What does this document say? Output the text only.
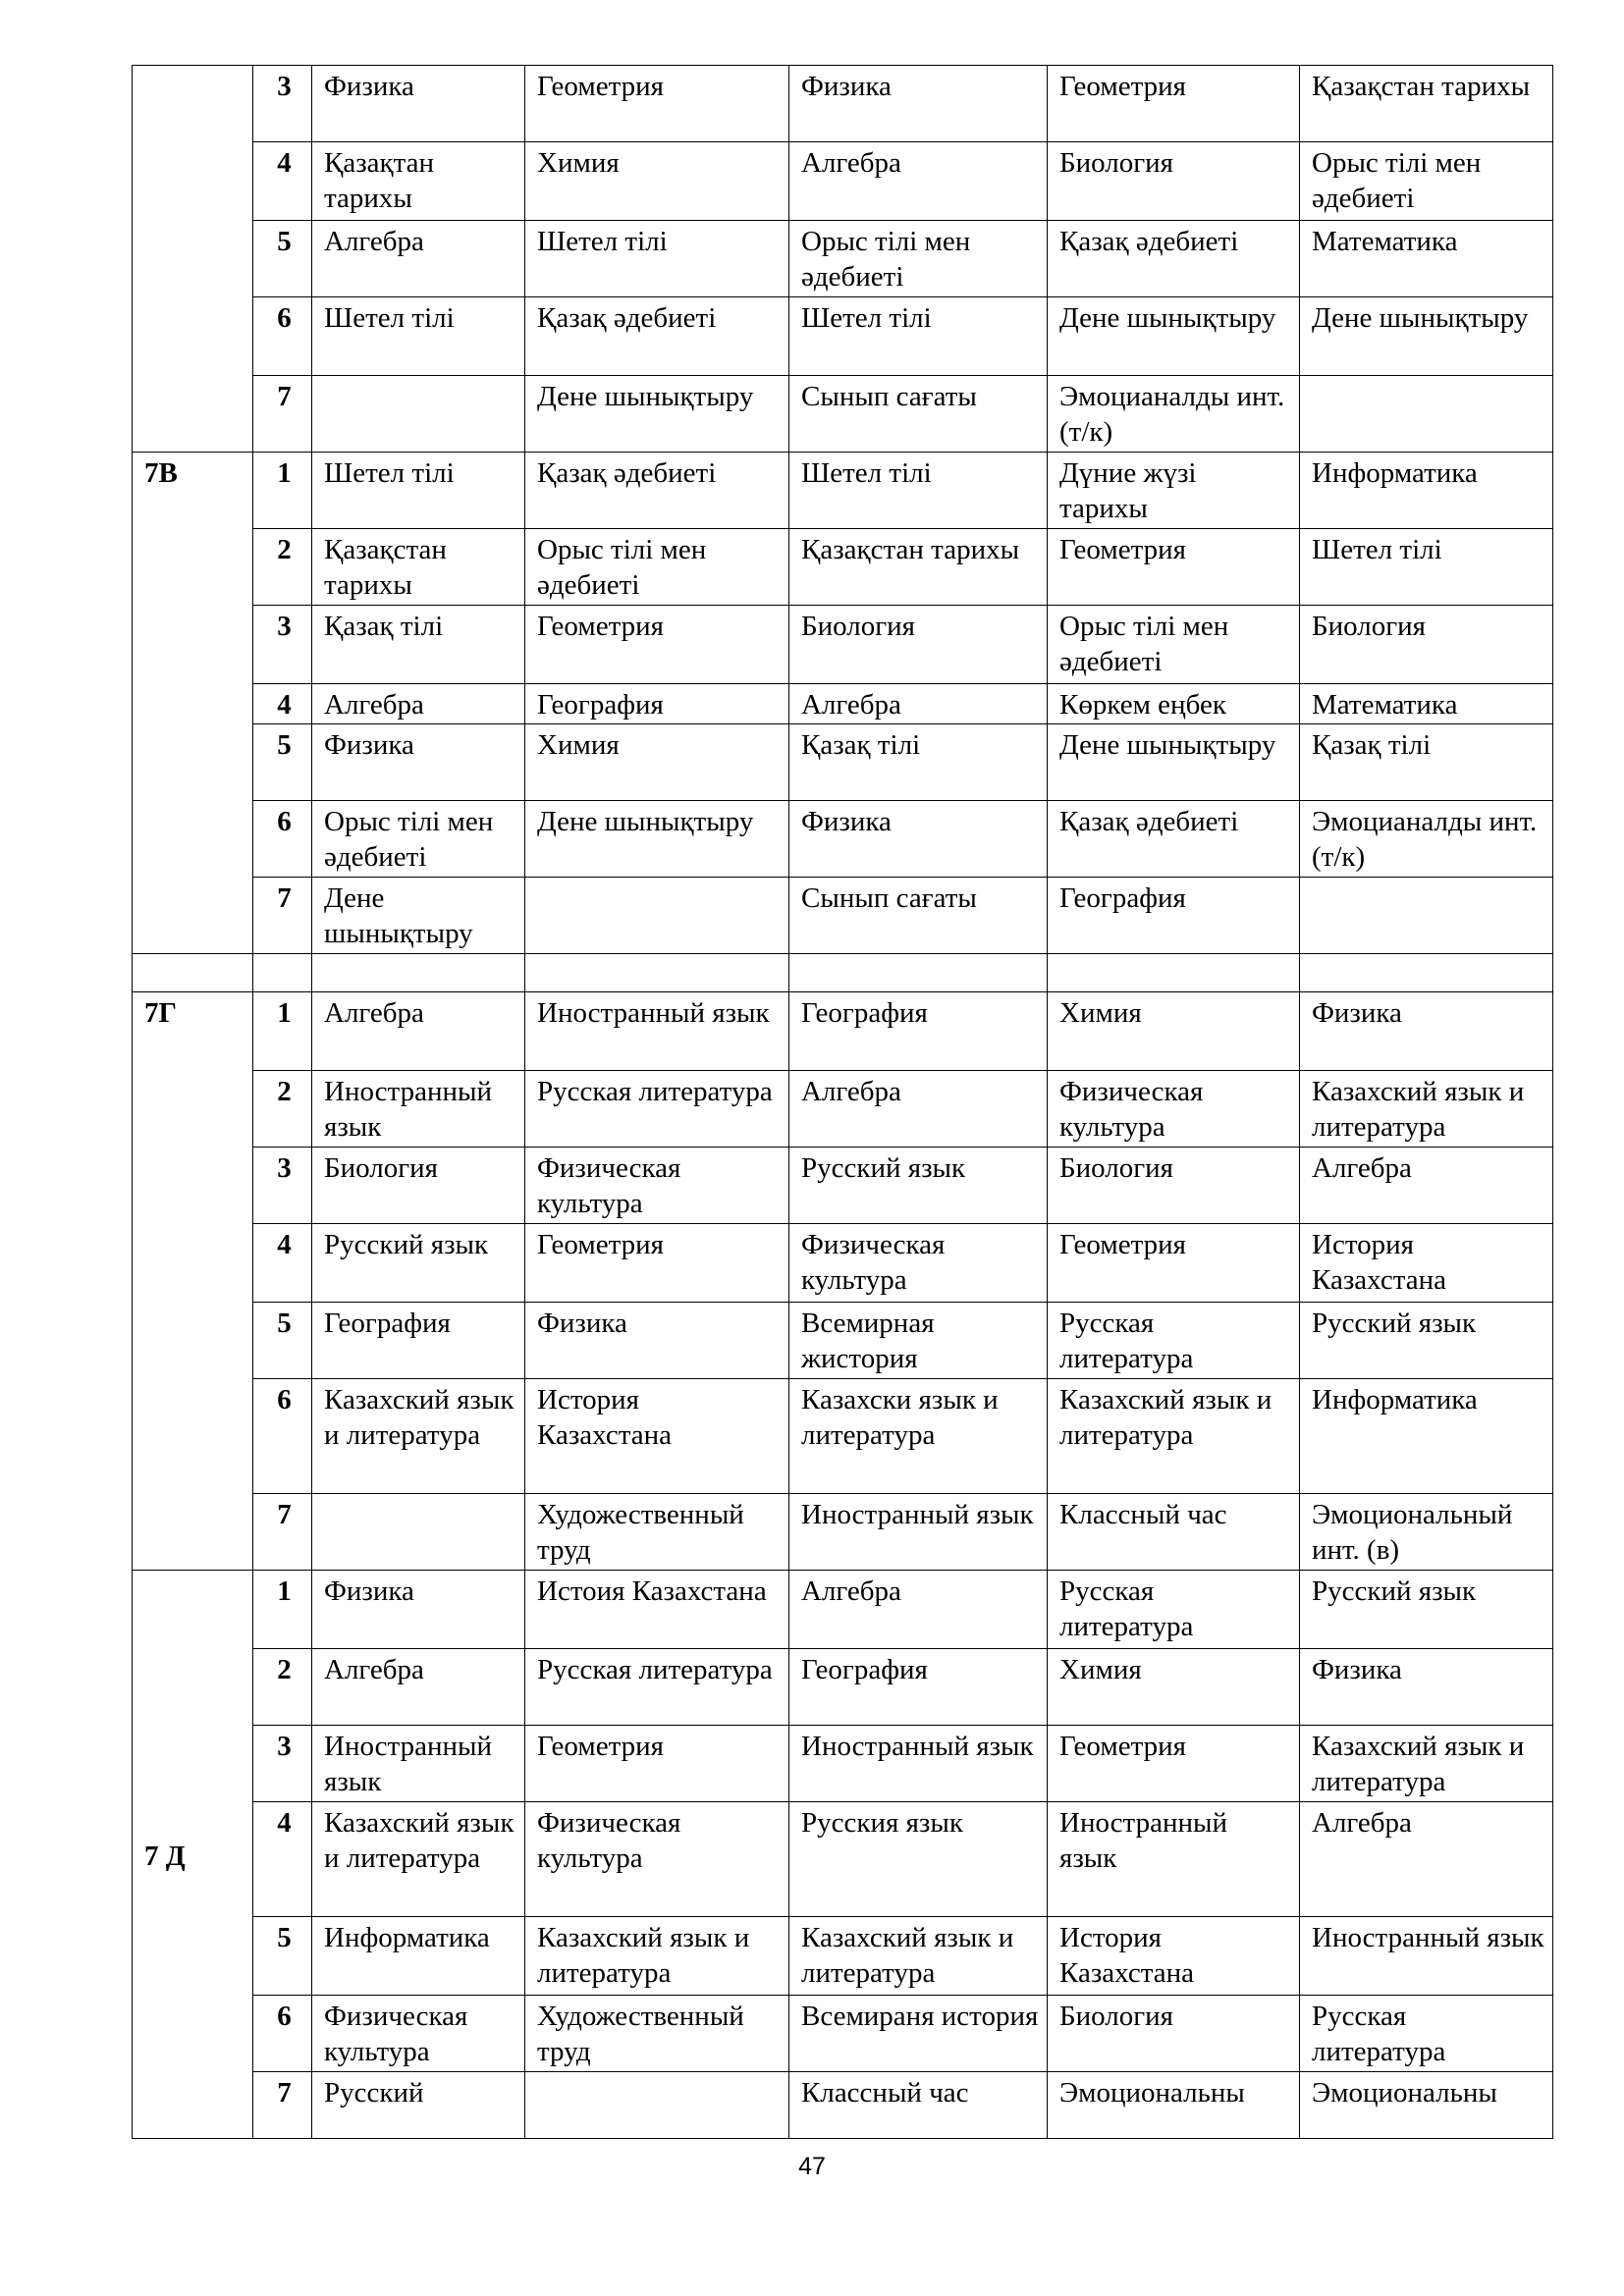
	3	Физика	Геометрия	Физика	Геометрия	Қазақстан тарихы
	4	Қазақтан тарихы	Химия	Алгебра	Биология	Орыс тілі мен әдебиеті
	5	Алгебра	Шетел тілі	Орыс тілі мен әдебиеті	Қазақ әдебиеті	Математика
	6	Шетел тілі	Қазақ әдебиеті	Шетел тілі	Дене шынықтыру	Дене шынықтыру
	7		Дене шынықтыру	Сынып сағаты	Эмоцианалды инт.(т/к)	
7В	1	Шетел тілі	Қазақ әдебиеті	Шетел тілі	Дүние жүзі тарихы	Информатика
	2	Қазақстан тарихы	Орыс тілі мен әдебиеті	Қазақстан тарихы	Геометрия	Шетел тілі
	3	Қазақ тілі	Геометрия	Биология	Орыс тілі мен әдебиеті	Биология
	4	Алгебра	География	Алгебра	Көркем еңбек	Математика
	5	Физика	Химия	Қазақ тілі	Дене шынықтыру	Қазақ тілі
	6	Орыс тілі мен әдебиеті	Дене шынықтыру	Физика	Қазақ әдебиеті	Эмоцианалды инт.(т/к)
	7	Дене шынықтыру		Сынып сағаты	География	

7Г	1	Алгебра	Иностранный язык	География	Химия	Физика
	2	Иностранный язык	Русская литература	Алгебра	Физическая культура	Казахский язык и литература
	3	Биология	Физическая культура	Русский язык	Биология	Алгебра
	4	Русский язык	Геометрия	Физическая культура	Геометрия	История Казахстана
	5	География	Физика	Всемирная жистория	Русская литература	Русский язык
	6	Казахский язык и литература	История Казахстана	Казахски язык и литература	Казахский язык и литература	Информатика
	7		Художественный труд	Иностранный язык	Классный час	Эмоциональный инт. (в)
7 Д	1	Физика	Истоия Казахстана	Алгебра	Русская литература	Русский язык
	2	Алгебра	Русская литература	География	Химия	Физика
	3	Иностранный язык	Геометрия	Иностранный язык	Геометрия	Казахский язык и литература
	4	Казахский язык и литература	Физическая культура	Русския язык	Иностранный язык	Алгебра
	5	Информатика	Казахский язык и литература	Казахский язык и литература	История Казахстана	Иностранный язык
	6	Физическая культура	Художественный труд	Всемираня история	Биология	Русская литература
	7	Русский		Классный час	Эмоциональны	Эмоциональны
47
